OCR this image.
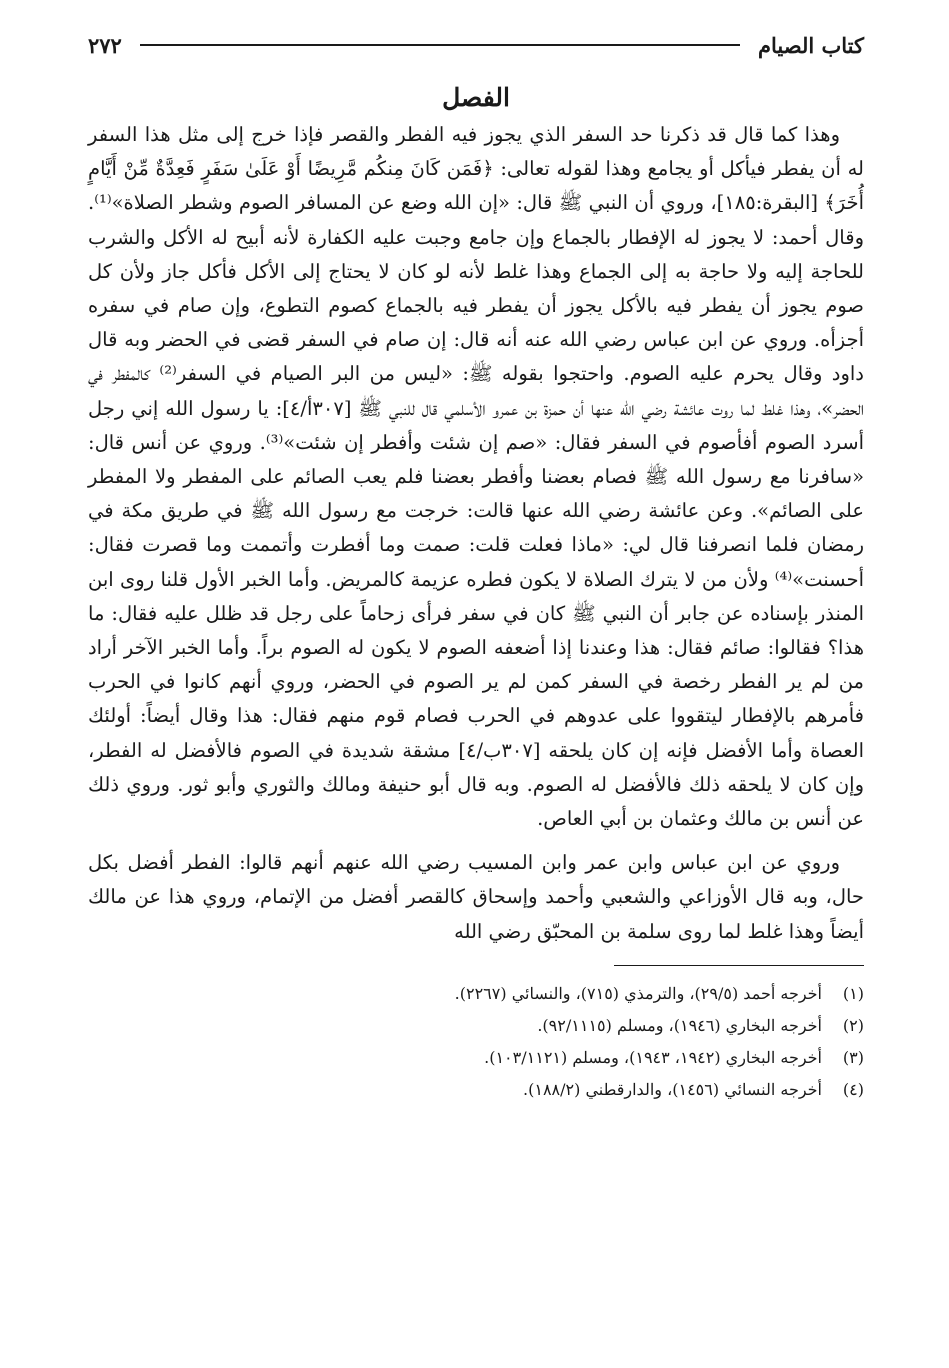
كتاب الصيام
٢٧٢
الفصل

وهذا كما قال قد ذكرنا حد السفر الذي يجوز فيه الفطر والقصر فإذا خرج إلى مثل هذا السفر له أن يفطر فيأكل أو يجامع وهذا لقوله تعالى: ﴿فَمَن كَانَ مِنكُم مَّرِيضًا أَوْ عَلَىٰ سَفَرٍ فَعِدَّةٌ مِّنْ أَيَّامٍ أُخَرَ﴾ [البقرة:١٨٥]، وروي أن النبي ﷺ قال: «إن الله وضع عن المسافر الصوم وشطر الصلاة»⁽¹⁾. وقال أحمد: لا يجوز له الإفطار بالجماع وإن جامع وجبت عليه الكفارة لأنه أبيح له الأكل والشرب للحاجة إليه ولا حاجة به إلى الجماع وهذا غلط لأنه لو كان لا يحتاج إلى الأكل فأكل جاز ولأن كل صوم يجوز أن يفطر فيه بالأكل يجوز أن يفطر فيه بالجماع كصوم التطوع، وإن صام في سفره أجزأه. وروي عن ابن عباس رضي الله عنه أنه قال: إن صام في السفر قضى في الحضر وبه قال داود وقال يحرم عليه الصوم. واحتجوا بقوله ﷺ: «ليس من البر الصيام في السفر⁽²⁾ كالمفطر في الحضر»، وهذا غلط لما روت عائشة رضي الله عنها أن حمزة بن عمرو الأسلمي قال للنبي ﷺ [٣٠٧أ/٤]: يا رسول الله إني رجل أسرد الصوم أفأصوم في السفر فقال: «صم إن شئت وأفطر إن شئت»⁽³⁾. وروي عن أنس قال: «سافرنا مع رسول الله ﷺ فصام بعضنا وأفطر بعضنا فلم يعب الصائم على المفطر ولا المفطر على الصائم». وعن عائشة رضي الله عنها قالت: خرجت مع رسول الله ﷺ في طريق مكة في رمضان فلما انصرفنا قال لي: «ماذا فعلت قلت: صمت وما أفطرت وأتممت وما قصرت فقال: أحسنت»⁽⁴⁾ ولأن من لا يترك الصلاة لا يكون فطره عزيمة كالمريض. وأما الخبر الأول قلنا روى ابن المنذر بإسناده عن جابر أن النبي ﷺ كان في سفر فرأى زحاماً على رجل قد ظلل عليه فقال: ما هذا؟ فقالوا: صائم فقال: هذا وعندنا إذا أضعفه الصوم لا يكون له الصوم براً. وأما الخبر الآخر أراد من لم ير الفطر رخصة في السفر كمن لم ير الصوم في الحضر، وروي أنهم كانوا في الحرب فأمرهم بالإفطار ليتقووا على عدوهم في الحرب فصام قوم منهم فقال: هذا وقال أيضاً: أولئك العصاة وأما الأفضل فإنه إن كان يلحقه [٣٠٧ب/٤] مشقة شديدة في الصوم فالأفضل له الفطر، وإن كان لا يلحقه ذلك فالأفضل له الصوم. وبه قال أبو حنيفة ومالك والثوري وأبو ثور. وروي ذلك عن أنس بن مالك وعثمان بن أبي العاص.

وروي عن ابن عباس وابن عمر وابن المسيب رضي الله عنهم أنهم قالوا: الفطر أفضل بكل حال، وبه قال الأوزاعي والشعبي وأحمد وإسحاق كالقصر أفضل من الإتمام، وروي هذا عن مالك أيضاً وهذا غلط لما روى سلمة بن المحبّق رضي الله

(١)
أخرجه أحمد (٢٩/٥)، والترمذي (٧١٥)، والنسائي (٢٢٦٧).
(٢)
أخرجه البخاري (١٩٤٦)، ومسلم (٩٢/١١١٥).
(٣)
أخرجه البخاري (١٩٤٢، ١٩٤٣)، ومسلم (١٠٣/١١٢١).
(٤)
أخرجه النسائي (١٤٥٦)، والدارقطني (١٨٨/٢).
